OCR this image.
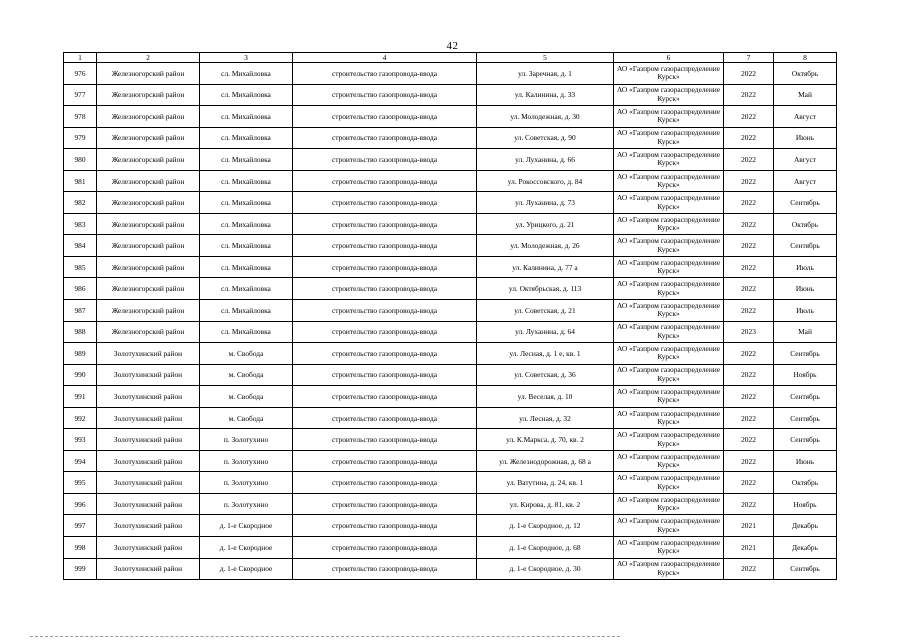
42
1	2	3	4	5	6	7	8
976	Железногорский район	сл. Михайловка	строительство газопровода-ввода	ул. Заречная, д. 1	АО «Газпром газораспределение Курск»	2022	Октябрь
977	Железногорский район	сл. Михайловка	строительство газопровода-ввода	ул. Калинина, д. 33	АО «Газпром газораспределение Курск»	2022	Май
978	Железногорский район	сл. Михайловка	строительство газопровода-ввода	ул. Молодежная, д. 30	АО «Газпром газораспределение Курск»	2022	Август
979	Железногорский район	сл. Михайловка	строительство газопровода-ввода	ул. Советская, д. 90	АО «Газпром газораспределение Курск»	2022	Июнь
980	Железногорский район	сл. Михайловка	строительство газопровода-ввода	ул. Луханина, д. 66	АО «Газпром газораспределение Курск»	2022	Август
981	Железногорский район	сл. Михайловка	строительство газопровода-ввода	ул. Рокоссовского, д. 84	АО «Газпром газораспределение Курск»	2022	Август
982	Железногорский район	сл. Михайловка	строительство газопровода-ввода	ул. Луханина, д. 73	АО «Газпром газораспределение Курск»	2022	Сентябрь
983	Железногорский район	сл. Михайловка	строительство газопровода-ввода	ул. Урицкого, д. 21	АО «Газпром газораспределение Курск»	2022	Октябрь
984	Железногорский район	сл. Михайловка	строительство газопровода-ввода	ул. Молодежная, д. 26	АО «Газпром газораспределение Курск»	2022	Сентябрь
985	Железногорский район	сл. Михайловка	строительство газопровода-ввода	ул. Калинина, д. 77 а	АО «Газпром газораспределение Курск»	2022	Июль
986	Железногорский район	сл. Михайловка	строительство газопровода-ввода	ул. Октябрьская, д. 113	АО «Газпром газораспределение Курск»	2022	Июнь
987	Железногорский район	сл. Михайловка	строительство газопровода-ввода	ул. Советская, д. 21	АО «Газпром газораспределение Курск»	2022	Июль
988	Железногорский район	сл. Михайловка	строительство газопровода-ввода	ул. Луханина, д. 64	АО «Газпром газораспределение Курск»	2023	Май
989	Золотухинский район	м. Свобода	строительство газопровода-ввода	ул. Лесная, д. 1 е, кв. 1	АО «Газпром газораспределение Курск»	2022	Сентябрь
990	Золотухинский район	м. Свобода	строительство газопровода-ввода	ул. Советская, д. 36	АО «Газпром газораспределение Курск»	2022	Ноябрь
991	Золотухинский район	м. Свобода	строительство газопровода-ввода	ул. Веселая, д. 10	АО «Газпром газораспределение Курск»	2022	Сентябрь
992	Золотухинский район	м. Свобода	строительство газопровода-ввода	ул. Лесная, д. 32	АО «Газпром газораспределение Курск»	2022	Сентябрь
993	Золотухинский район	п. Золотухино	строительство газопровода-ввода	ул. К.Маркса, д. 70, кв. 2	АО «Газпром газораспределение Курск»	2022	Сентябрь
994	Золотухинский район	п. Золотухино	строительство газопровода-ввода	ул. Железнодорожная, д. 68 а	АО «Газпром газораспределение Курск»	2022	Июнь
995	Золотухинский район	п. Золотухино	строительство газопровода-ввода	ул. Ватутина, д. 24, кв. 1	АО «Газпром газораспределение Курск»	2022	Октябрь
996	Золотухинский район	п. Золотухино	строительство газопровода-ввода	ул. Кирова, д. 81, кв. 2	АО «Газпром газораспределение Курск»	2022	Ноябрь
997	Золотухинский район	д. 1-е Скородное	строительство газопровода-ввода	д. 1-е Скородное, д. 12	АО «Газпром газораспределение Курск»	2021	Декабрь
998	Золотухинский район	д. 1-е Скородное	строительство газопровода-ввода	д. 1-е Скородное, д. 68	АО «Газпром газораспределение Курск»	2021	Декабрь
999	Золотухинский район	д. 1-е Скородное	строительство газопровода-ввода	д. 1-е Скородное, д. 30	АО «Газпром газораспределение Курск»	2022	Сентябрь
